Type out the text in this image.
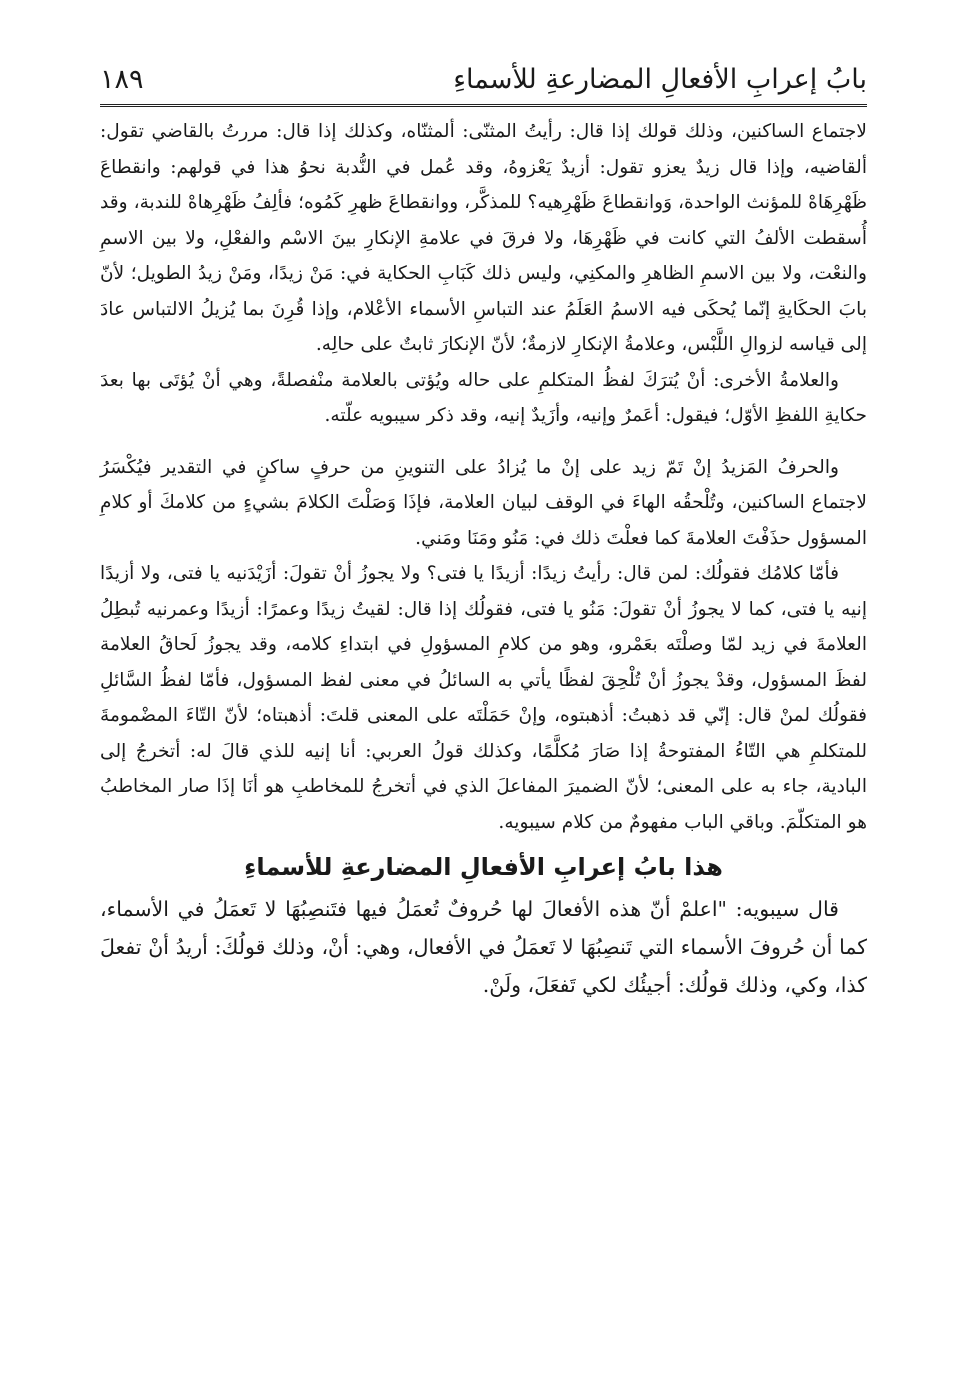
بابُ إعرابِ الأفعالِ المضارعةِ للأسماءِ
١٨٩

لاجتماع الساكنين، وذلك قولك إذا قال: رأيتُ المثنّى: ألمثنّاه، وكذلك إذا قال: مررتُ بالقاضي تقول: ألقاضيه، وإذا قال زيدٌ يعزو تقول: أزيدٌ يَعْزوهُ، وقد عُمل في النُّدبة نحوُ هذا في قولهم: وانقطاعَ ظَهْرِهَاهْ للمؤنث الواحدة، وَوانقطاعَ ظَهْرِهيه؟ للمذكَّر، ووانقطاعَ ظهرِ كَمُوه؛ فألِفُ ظَهْرِهاهْ للندبة، وقد أُسقطت الألفُ التي كانت في ظَهْرِهَا، ولا فرقَ في علامةِ الإنكارِ بينَ الاسْم والفعْلِ، ولا بين الاسمِ والنعْت، ولا بين الاسمِ الظاهرِ والمكنِي، وليس ذلك كَبَابِ الحكاية في: مَنْ زيدًا، ومَنْ زيدُ الطويل؛ لأنّ بابَ الحكَايةِ إنّما يُحكَى فيه الاسمُ العَلَمُ عند التباسِ الأسماء الأعْلام، وإذا قُرِنَ بما يُزيلُ الالتباس عادَ إلى قياسه لزوالِ اللَّبْس، وعلامةُ الإنكارِ لازمةٌ؛ لأنّ الإنكارَ ثابتٌ على حالِه.

والعلامةُ الأخرى: أنْ يُترَكَ لفظُ المتكلمِ على حاله ويُؤتى بالعلامة منْفصلةً، وهي أنْ يُؤتَى بها بعدَ حكايةِ اللفظِ الأوّل؛ فيقول: أعَمرٌ وإنيه، وأزَيدٌ إنيه، وقد ذكر سيبويه علّته.

والحرفُ المَزيدُ إنْ تَمّ زيد على إنْ ما يُزادُ على التنوينِ من حرفٍ ساكنٍ في التقدير فيُكْسَرُ لاجتماع الساكنين، وتُلْحقُه الهاءَ في الوقف لبيان العلامة، فإذَا وَصَلْتَ الكلامَ بشيءٍ من كلامكَ أو كلامِ المسؤول حذَفْتَ العلامةَ كما فعلْتَ ذلك في: مَنُو ومَنَا ومَني.

فأمّا كلامُك فقولُك: لمن قال: رأيتُ زيدًا: أزيدًا يا فتى؟ ولا يجوزُ أنْ تقولَ: أزَيْدَنيه يا فتى، ولا أزيدًا إنيه يا فتى، كما لا يجوزُ أنْ تقولَ: مَنُو يا فتى، فقولُك إذا قال: لقيتُ زيدًا وعمرًا: أزيدًا وعمرنيه تُبطِلُ العلامةَ في زيد لمّا وصلْتَه بعَمْرو، وهو من كلامِ المسؤولِ في ابتداءِ كلامه، وقد يجوزُ لَحاقُ العلامة لفظَ المسؤول، وقدْ يجوزُ أنْ تُلْحِقَ لفظًا يأتي به السائلُ في معنى لفظ المسؤول، فأمّا لفظُ السَّائلِ فقولُك لمنْ قال: إنّي قد ذهبتُ: أذهبتوه، وإنْ حَمَلْتَه على المعنى قلتَ: أذهبتاه؛ لأنّ التّاءَ المضْمومةَ للمتكلمِ هي التّاءُ المفتوحةُ إذا صَارَ مُكلَّمًا، وكذلك قولُ العربي: أنا إنيه للذي قالَ له: أتخرجُ إلى البادية، جاء به على المعنى؛ لأنّ الضميرَ المفاعلَ الذي في أتخرجُ للمخاطبِ هو أنَا إذَا صار المخاطبُ هو المتكلّمَ. وباقي الباب مفهومٌ من كلام سيبويه.

هذا بابُ إعرابِ الأفعالِ المضارعةِ للأسماءِ

قال سيبويه: "اعلمْ أنّ هذه الأفعالَ لها حُروفٌ تُعمَلُ فيها فتَنصِبُهَا لا تَعمَلُ في الأسماء، كما أن حُروفَ الأسماء التي تَنصِبُهَا لا تَعمَلُ في الأفعال، وهي: أنْ، وذلك قولُكَ: أريدُ أنْ تفعلَ كذا، وكي، وذلك قولُك: أجيئُك لكي تَفعَلَ، ولَنْ.
